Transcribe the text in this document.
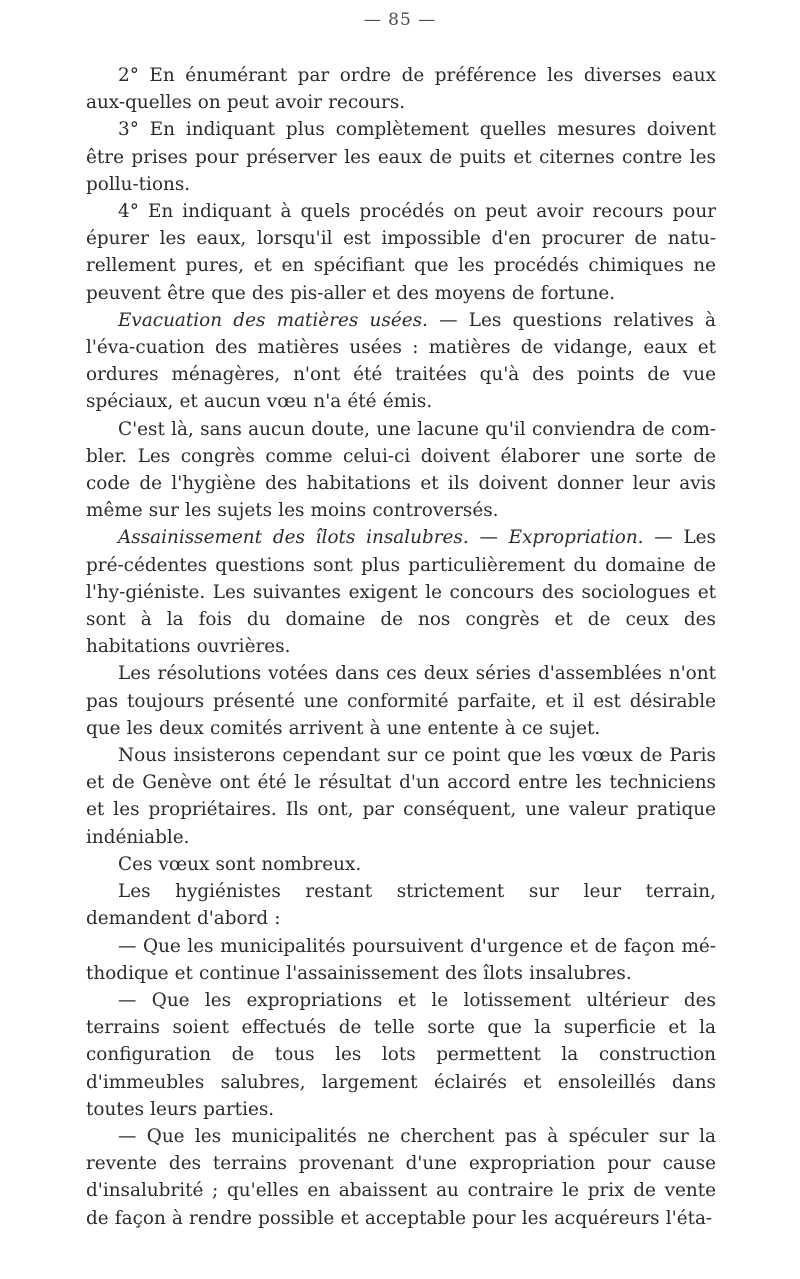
— 85 —

2° En énumérant par ordre de préférence les diverses eaux aux-quelles on peut avoir recours.

3° En indiquant plus complètement quelles mesures doivent être prises pour préserver les eaux de puits et citernes contre les pollu-tions.

4° En indiquant à quels procédés on peut avoir recours pour épurer les eaux, lorsqu'il est impossible d'en procurer de natu-rellement pures, et en spécifiant que les procédés chimiques ne peuvent être que des pis-aller et des moyens de fortune.

Evacuation des matières usées. — Les questions relatives à l'éva-cuation des matières usées : matières de vidange, eaux et ordures ménagères, n'ont été traitées qu'à des points de vue spéciaux, et aucun vœu n'a été émis.

C'est là, sans aucun doute, une lacune qu'il conviendra de com-bler. Les congrès comme celui-ci doivent élaborer une sorte de code de l'hygiène des habitations et ils doivent donner leur avis même sur les sujets les moins controversés.

Assainissement des îlots insalubres. — Expropriation. — Les pré-cédentes questions sont plus particulièrement du domaine de l'hy-giéniste. Les suivantes exigent le concours des sociologues et sont à la fois du domaine de nos congrès et de ceux des habitations ouvrières.

Les résolutions votées dans ces deux séries d'assemblées n'ont pas toujours présenté une conformité parfaite, et il est désirable que les deux comités arrivent à une entente à ce sujet.

Nous insisterons cependant sur ce point que les vœux de Paris et de Genève ont été le résultat d'un accord entre les techniciens et les propriétaires. Ils ont, par conséquent, une valeur pratique indéniable.

Ces vœux sont nombreux.

Les hygiénistes restant strictement sur leur terrain, demandent d'abord :

— Que les municipalités poursuivent d'urgence et de façon mé-thodique et continue l'assainissement des îlots insalubres.

— Que les expropriations et le lotissement ultérieur des terrains soient effectués de telle sorte que la superficie et la configuration de tous les lots permettent la construction d'immeubles salubres, largement éclairés et ensoleillés dans toutes leurs parties.

— Que les municipalités ne cherchent pas à spéculer sur la revente des terrains provenant d'une expropriation pour cause d'insalubrité ; qu'elles en abaissent au contraire le prix de vente de façon à rendre possible et acceptable pour les acquéreurs l'éta-
